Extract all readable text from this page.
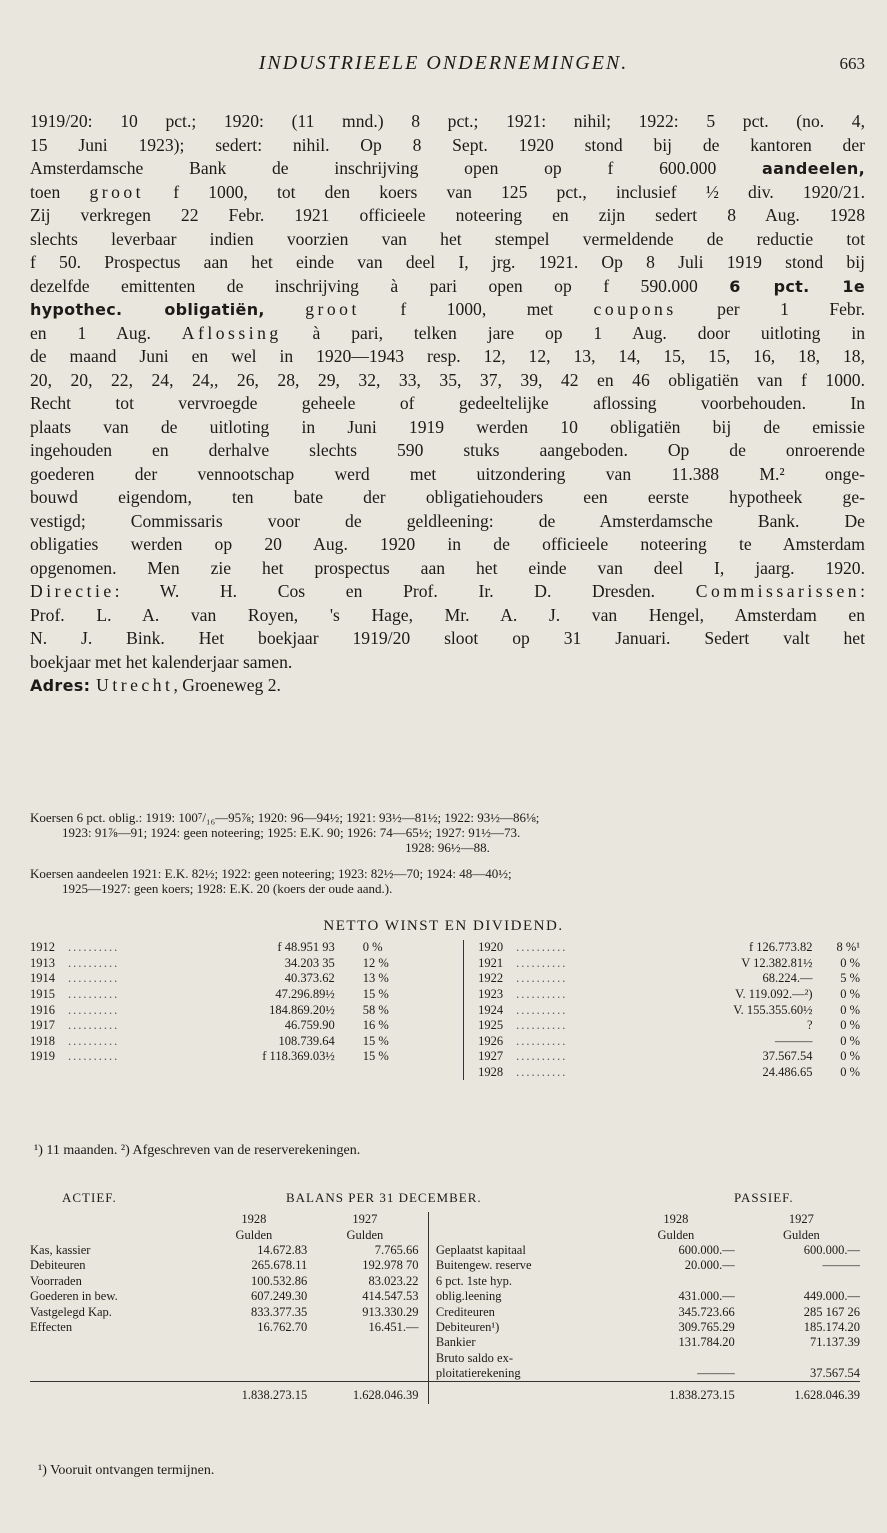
INDUSTRIEELE ONDERNEMINGEN.	663
1919/20: 10 pct.; 1920: (11 mnd.) 8 pct.; 1921: nihil; 1922: 5 pct. (no. 4,
15 Juni 1923); sedert: nihil. Op 8 Sept. 1920 stond bij de kantoren der
Amsterdamsche Bank de inschrijving open op f 600.000 aandeelen,
toen groot f 1000, tot den koers van 125 pct., inclusief ½ div. 1920/21.
Zij verkregen 22 Febr. 1921 officieele noteering en zijn sedert 8 Aug. 1928
slechts leverbaar indien voorzien van het stempel vermeldende de reductie tot
f 50. Prospectus aan het einde van deel I, jrg. 1921. Op 8 Juli 1919 stond bij
dezelfde emittenten de inschrijving à pari open op f 590.000 6 pct. 1e
hypothec. obligatiën, groot f 1000, met coupons per 1 Febr.
en 1 Aug. Aflossing à pari, telken jare op 1 Aug. door uitloting in
de maand Juni en wel in 1920—1943 resp. 12, 12, 13, 14, 15, 15, 16, 18, 18,
20, 20, 22, 24, 24,, 26, 28, 29, 32, 33, 35, 37, 39, 42 en 46 obligatiën van f 1000.
Recht tot vervroegde geheele of gedeeltelijke aflossing voorbehouden. In
plaats van de uitloting in Juni 1919 werden 10 obligatiën bij de emissie
ingehouden en derhalve slechts 590 stuks aangeboden. Op de onroerende
goederen der vennootschap werd met uitzondering van 11.388 M.² onge-
bouwd eigendom, ten bate der obligatiehouders een eerste hypotheek ge-
vestigd; Commissaris voor de geldleening: de Amsterdamsche Bank. De
obligaties werden op 20 Aug. 1920 in de officieele noteering te Amsterdam
opgenomen. Men zie het prospectus aan het einde van deel I, jaarg. 1920.
Directie: W. H. Cos en Prof. Ir. D. Dresden. Commissarissen:
Prof. L. A. van Royen, 's Hage, Mr. A. J. van Hengel, Amsterdam en
N. J. Bink. Het boekjaar 1919/20 sloot op 31 Januari. Sedert valt het
boekjaar met het kalenderjaar samen.
Adres: Utrecht, Groeneweg 2.
Koersen 6 pct. oblig.: 1919: 100⁷/₁₆—95⅞; 1920: 96—94½; 1921: 93½—81½; 1922: 93½—86⅛;
1923: 91⅞—91; 1924: geen noteering; 1925: E.K. 90; 1926: 74—65½; 1927: 91½—73.
1928: 96½—88.
Koersen aandeelen 1921: E.K. 82½; 1922: geen noteering; 1923: 82½—70; 1924: 48—40½;
1925—1927: geen koers; 1928: E.K. 20 (koers der oude aand.).
NETTO WINST EN DIVIDEND.
1912	..........	f 48.951 93	0 %		1920	..........	f 126.773.82	8 %¹
1913	..........	34.203 35	12 %		1921	..........	V 12.382.81½	0 %
1914	..........	40.373.62	13 %		1922	..........	68.224.—	5 %
1915	..........	47.296.89½	15 %		1923	..........	V. 119.092.—²)	0 %
1916	..........	184.869.20½	58 %		1924	..........	V. 155.355.60½	0 %
1917	..........	46.759.90	16 %		1925	..........	?	0 %
1918	..........	108.739.64	15 %		1926	..........	———	0 %
1919	..........	f 118.369.03½	15 %		1927	..........	37.567.54	0 %
					1928	..........	24.486.65	0 %
¹) 11 maanden. ²) Afgeschreven van de reserverekeningen.
ACTIEF.	BALANS PER 31 DECEMBER.	PASSIEF.
	1928	1927			1928	1927
	Gulden	Gulden			Gulden	Gulden
Kas, kassier	14.672.83	7.765.66		Geplaatst kapitaal	600.000.—	600.000.—
Debiteuren	265.678.11	192.978 70		Buitengew. reserve	20.000.—	———
Voorraden	100.532.86	83.023.22		6 pct. 1ste hyp.		
Goederen in bew.	607.249.30	414.547.53		oblig.leening	431.000.—	449.000.—
Vastgelegd Kap.	833.377.35	913.330.29		Crediteuren	345.723.66	285 167 26
Effecten	16.762.70	16.451.—		Debiteuren¹)	309.765.29	185.174.20
				Bankier	131.784.20	71.137.39
				Bruto saldo ex-		
				ploitatierekening	———	37.567.54
	1.838.273.15	1.628.046.39			1.838.273.15	1.628.046.39
¹) Vooruit ontvangen termijnen.
